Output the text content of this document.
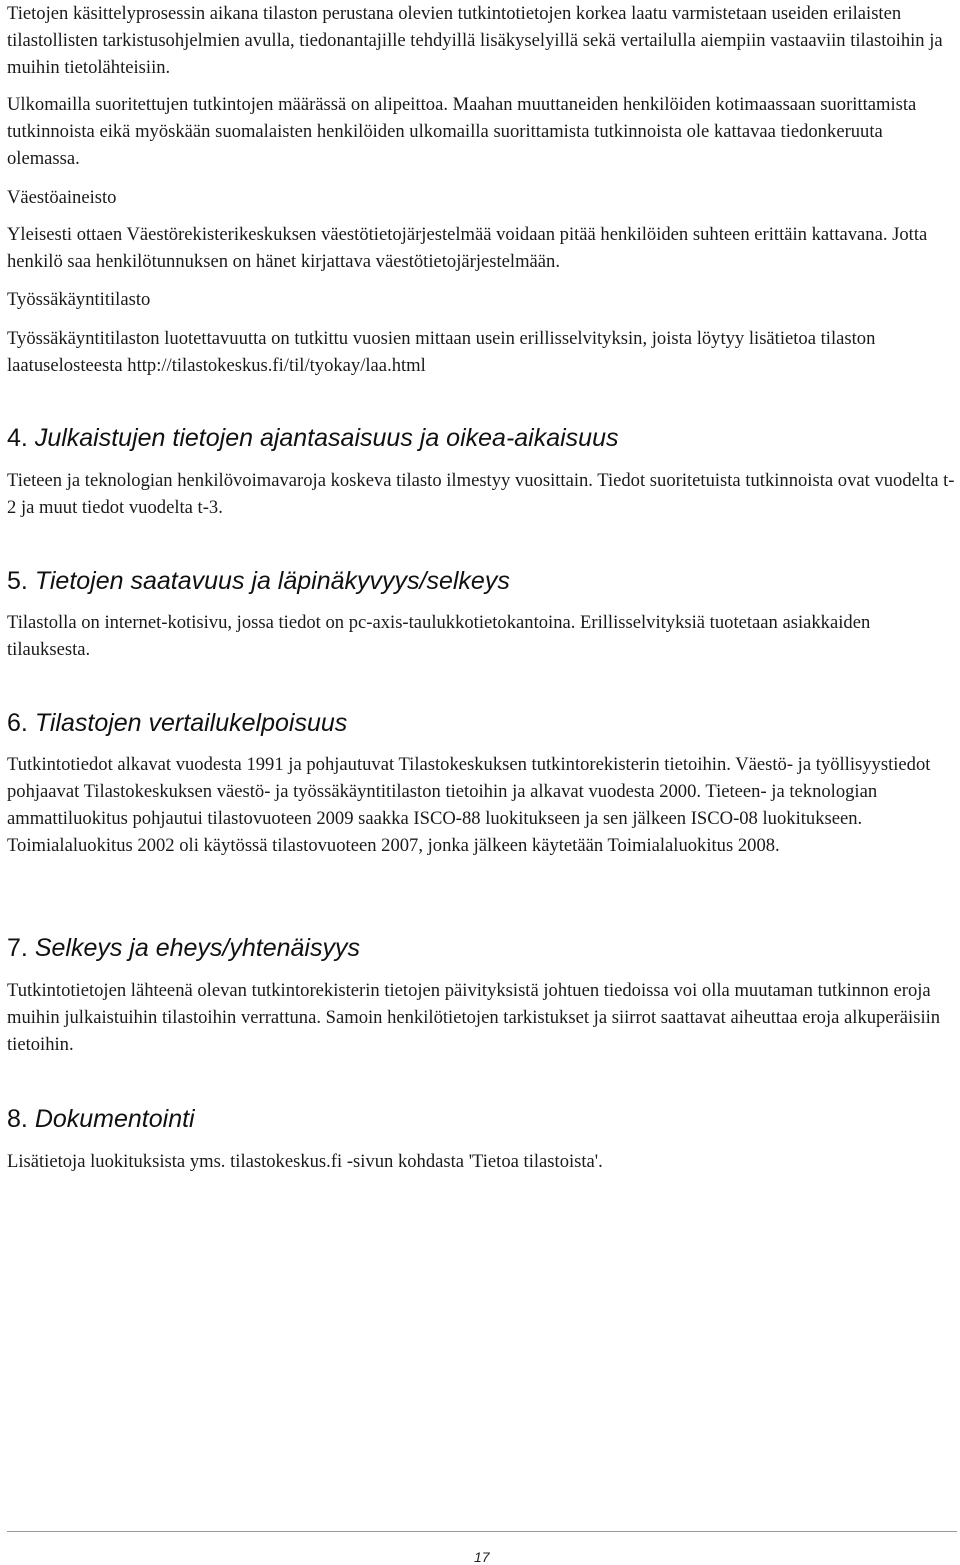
Tietojen käsittelyprosessin aikana tilaston perustana olevien tutkintotietojen korkea laatu varmistetaan useiden erilaisten tilastollisten tarkistusohjelmien avulla, tiedonantajille tehdyillä lisäkyselyillä sekä vertailulla aiempiin vastaaviin tilastoihin ja muihin tietolähteisiin.

Ulkomailla suoritettujen tutkintojen määrässä on alipeittoa. Maahan muuttaneiden henkilöiden kotimaassaan suorittamista tutkinnoista eikä myöskään suomalaisten henkilöiden ulkomailla suorittamista tutkinnoista ole kattavaa tiedonkeruuta olemassa.

Väestöaineisto

Yleisesti ottaen Väestörekisterikeskuksen väestötietojärjestelmää voidaan pitää henkilöiden suhteen erittäin kattavana. Jotta henkilö saa henkilötunnuksen on hänet kirjattava väestötietojärjestelmään.

Työssäkäyntitilasto

Työssäkäyntitilaston luotettavuutta on tutkittu vuosien mittaan usein erillisselvityksin, joista löytyy lisätietoa tilaston laatuselosteesta http://tilastokeskus.fi/til/tyokay/laa.html

4. Julkaistujen tietojen ajantasaisuus ja oikea-aikaisuus

Tieteen ja teknologian henkilövoimavaroja koskeva tilasto ilmestyy vuosittain. Tiedot suoritetuista tutkinnoista ovat vuodelta t-2 ja muut tiedot vuodelta t-3.

5. Tietojen saatavuus ja läpinäkyvyys/selkeys

Tilastolla on internet-kotisivu, jossa tiedot on pc-axis-taulukkotietokantoina. Erillisselvityksiä tuotetaan asiakkaiden tilauksesta.

6. Tilastojen vertailukelpoisuus

Tutkintotiedot alkavat vuodesta 1991 ja pohjautuvat Tilastokeskuksen tutkintorekisterin tietoihin. Väestö- ja työllisyystiedot pohjaavat Tilastokeskuksen väestö- ja työssäkäyntitilaston tietoihin ja alkavat vuodesta 2000. Tieteen- ja teknologian ammattiluokitus pohjautui tilastovuoteen 2009 saakka ISCO-88 luokitukseen ja sen jälkeen ISCO-08 luokitukseen. Toimialaluokitus 2002 oli käytössä tilastovuoteen 2007, jonka jälkeen käytetään Toimialaluokitus 2008.

7. Selkeys ja eheys/yhtenäisyys

Tutkintotietojen lähteenä olevan tutkintorekisterin tietojen päivityksistä johtuen tiedoissa voi olla muutaman tutkinnon eroja muihin julkaistuihin tilastoihin verrattuna. Samoin henkilötietojen tarkistukset ja siirrot saattavat aiheuttaa eroja alkuperäisiin tietoihin.

8. Dokumentointi

Lisätietoja luokituksista yms. tilastokeskus.fi -sivun kohdasta 'Tietoa tilastoista'.

17
